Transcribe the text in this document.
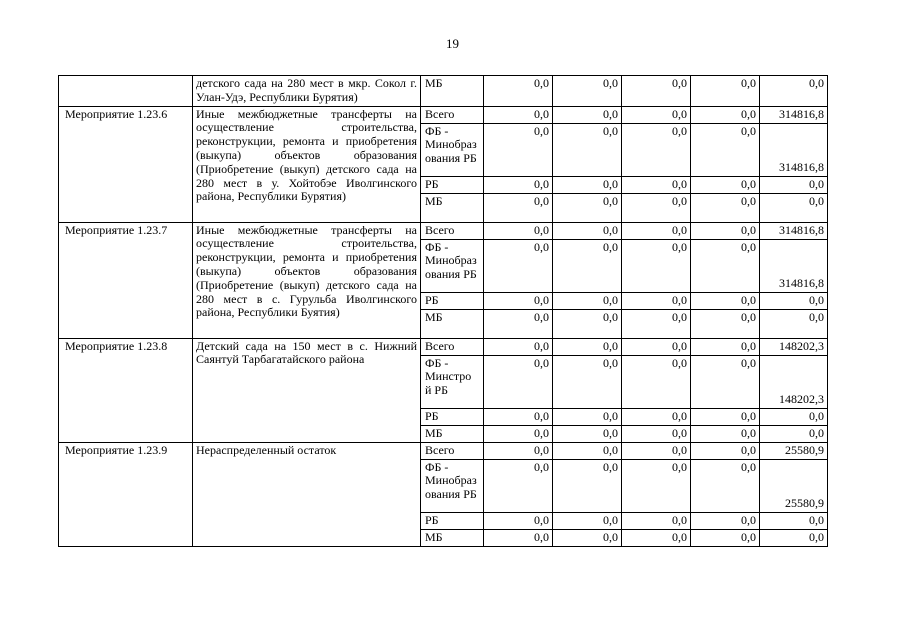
19
	детского сада на 280 мест в мкр. Сокол г. Улан-Удэ, Республики Бурятия)	МБ	0,0	0,0	0,0	0,0	0,0
Мероприятие 1.23.6	Иные межбюджетные трансферты на осуществление строительства, реконструкции, ремонта и приобретения (выкупа) объектов образования (Приобретение (выкуп) детского сада на 280 мест в у. Хойтобэе Иволгинского района, Республики Бурятия)	Всего	0,0	0,0	0,0	0,0	314816,8
		ФБ -
Минобраз
ования РБ	0,0	0,0	0,0	0,0	314816,8
		РБ	0,0	0,0	0,0	0,0	0,0
		МБ	0,0	0,0	0,0	0,0	0,0
Мероприятие 1.23.7	Иные межбюджетные трансферты на осуществление строительства, реконструкции, ремонта и приобретения (выкупа) объектов образования (Приобретение (выкуп) детского сада на 280 мест в с. Гурульба Иволгинского района, Республики Буятия)	Всего	0,0	0,0	0,0	0,0	314816,8
		ФБ -
Минобраз
ования РБ	0,0	0,0	0,0	0,0	314816,8
		РБ	0,0	0,0	0,0	0,0	0,0
		МБ	0,0	0,0	0,0	0,0	0,0
Мероприятие 1.23.8	Детский сада на 150 мест в с. Нижний Саянтуй Тарбагатайского района	Всего	0,0	0,0	0,0	0,0	148202,3
		ФБ -
Минстро
й РБ	0,0	0,0	0,0	0,0	148202,3
		РБ	0,0	0,0	0,0	0,0	0,0
		МБ	0,0	0,0	0,0	0,0	0,0
Мероприятие 1.23.9	Нераспределенный остаток	Всего	0,0	0,0	0,0	0,0	25580,9
		ФБ -
Минобраз
ования РБ	0,0	0,0	0,0	0,0	25580,9
		РБ	0,0	0,0	0,0	0,0	0,0
		МБ	0,0	0,0	0,0	0,0	0,0
